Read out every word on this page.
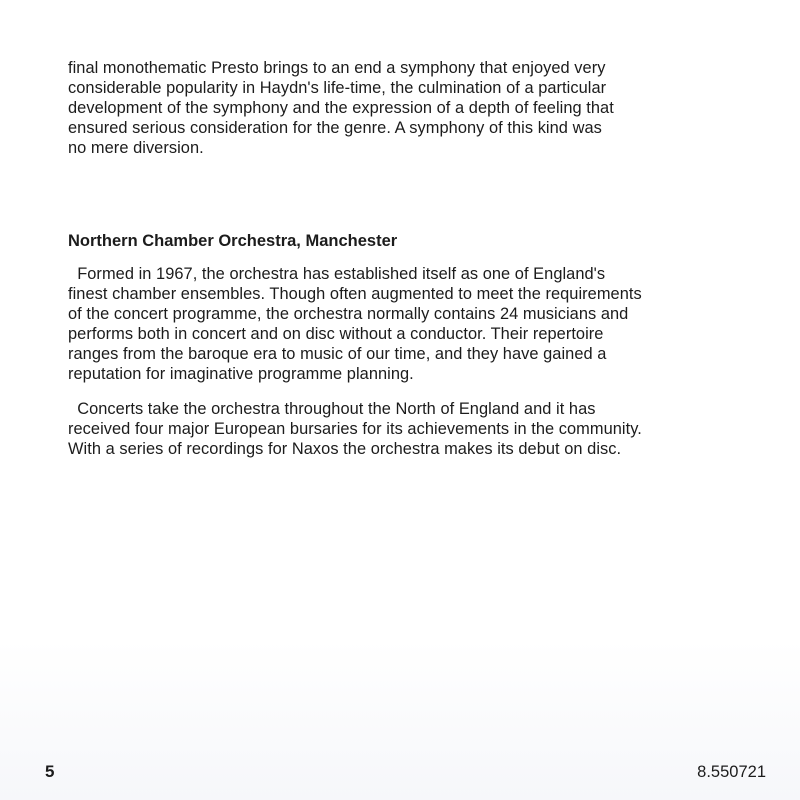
final monothematic Presto brings to an end a symphony that enjoyed very
considerable popularity in Haydn's life-time, the culmination of a particular
development of the symphony and the expression of a depth of feeling that
ensured serious consideration for the genre. A symphony of this kind was
no mere diversion.
Northern Chamber Orchestra, Manchester
Formed in 1967, the orchestra has established itself as one of England's
finest chamber ensembles. Though often augmented to meet the requirements
of the concert programme, the orchestra normally contains 24 musicians and
performs both in concert and on disc without a conductor. Their repertoire
ranges from the baroque era to music of our time, and they have gained a
reputation for imaginative programme planning.
Concerts take the orchestra throughout the North of England and it has
received four major European bursaries for its achievements in the community.
With a series of recordings for Naxos the orchestra makes its debut on disc.
5	8.550721
